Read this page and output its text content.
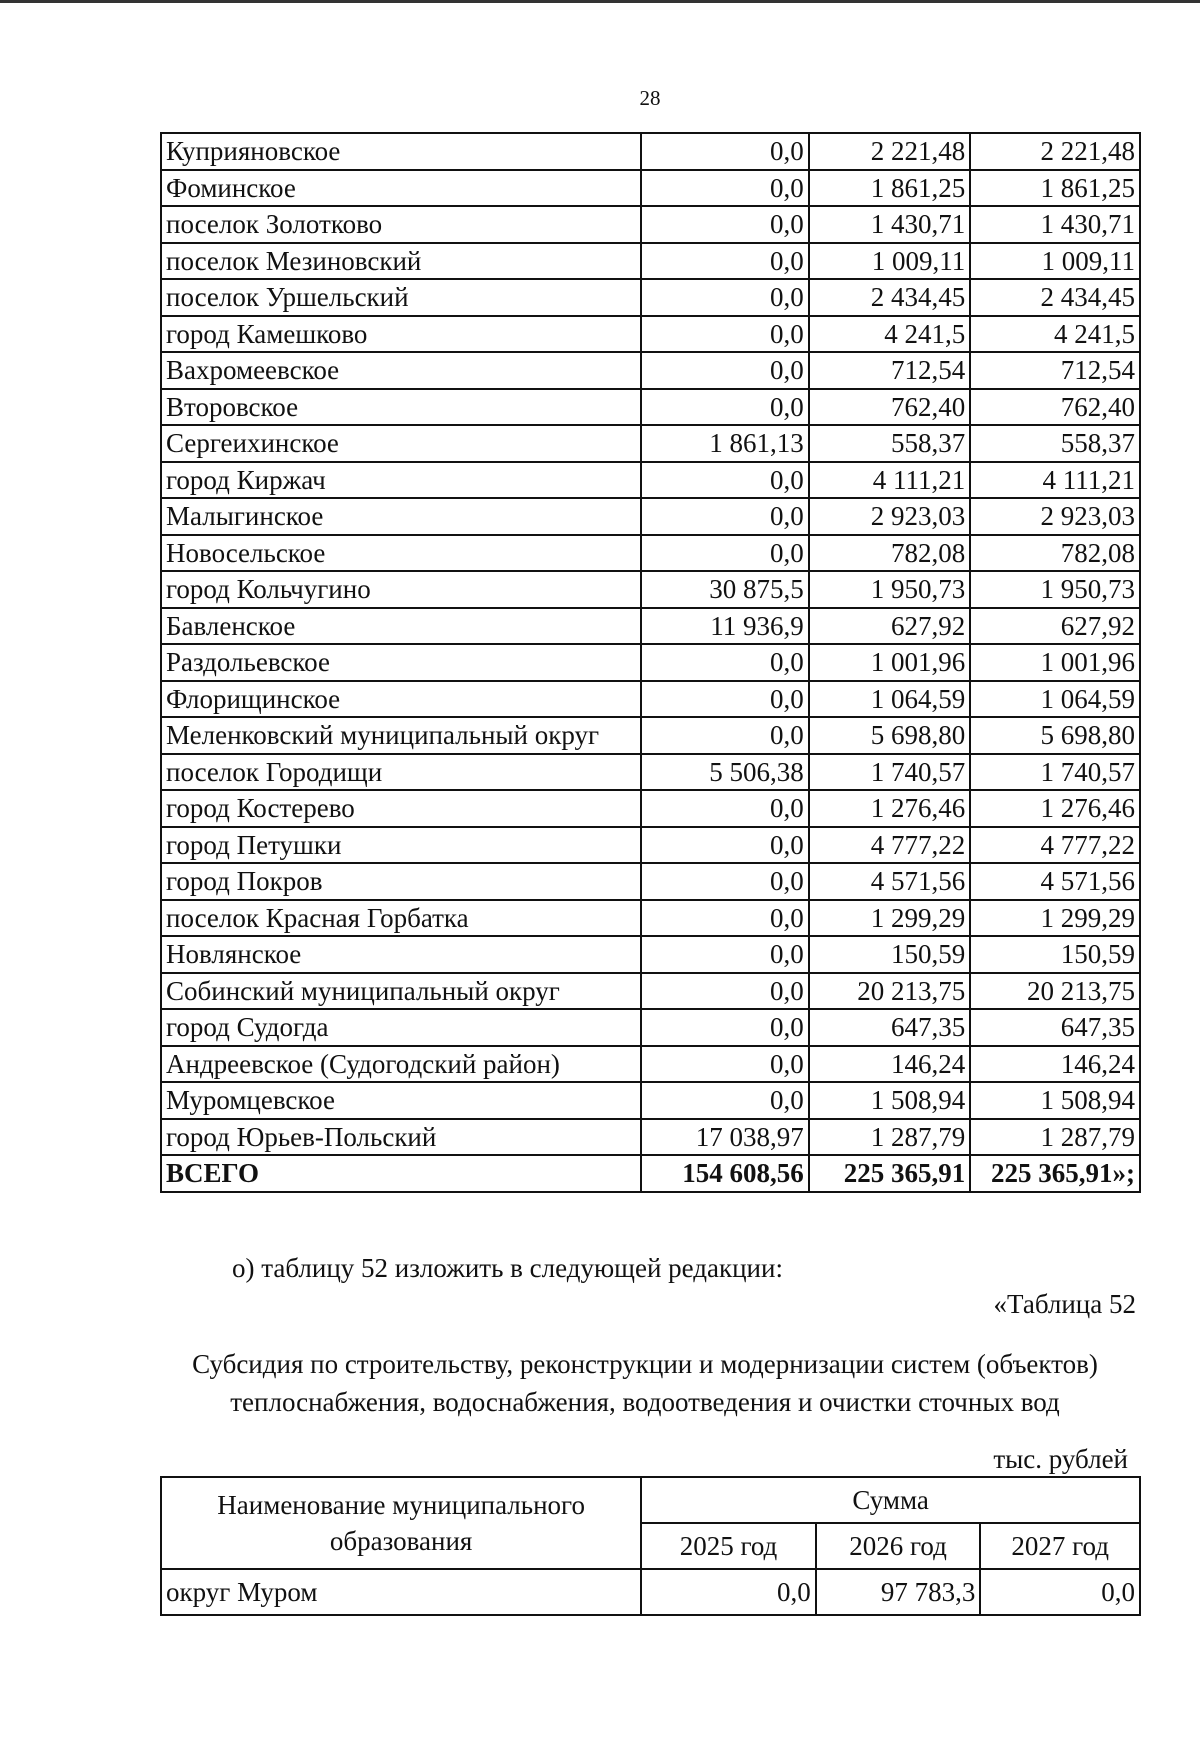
28
Куприяновское	0,0	2 221,48	2 221,48
Фоминское	0,0	1 861,25	1 861,25
поселок Золотково	0,0	1 430,71	1 430,71
поселок Мезиновский	0,0	1 009,11	1 009,11
поселок Уршельский	0,0	2 434,45	2 434,45
город Камешково	0,0	4 241,5	4 241,5
Вахромеевское	0,0	712,54	712,54
Второвское	0,0	762,40	762,40
Сергеихинское	1 861,13	558,37	558,37
город Киржач	0,0	4 111,21	4 111,21
Малыгинское	0,0	2 923,03	2 923,03
Новосельское	0,0	782,08	782,08
город Кольчугино	30 875,5	1 950,73	1 950,73
Бавленское	11 936,9	627,92	627,92
Раздольевское	0,0	1 001,96	1 001,96
Флорищинское	0,0	1 064,59	1 064,59
Меленковский муниципальный округ	0,0	5 698,80	5 698,80
поселок Городищи	5 506,38	1 740,57	1 740,57
город Костерево	0,0	1 276,46	1 276,46
город Петушки	0,0	4 777,22	4 777,22
город Покров	0,0	4 571,56	4 571,56
поселок Красная Горбатка	0,0	1 299,29	1 299,29
Новлянское	0,0	150,59	150,59
Собинский муниципальный округ	0,0	20 213,75	20 213,75
город Судогда	0,0	647,35	647,35
Андреевское (Судогодский район)	0,0	146,24	146,24
Муромцевское	0,0	1 508,94	1 508,94
город Юрьев-Польский	17 038,97	1 287,79	1 287,79
ВСЕГО	154 608,56	225 365,91	225 365,91»;
о) таблицу 52 изложить в следующей редакции:
«Таблица 52
Субсидия по строительству, реконструкции и модернизации систем (объектов)
теплоснабжения, водоснабжения, водоотведения и очистки сточных вод
тыс. рублей
Наименование муниципального
образования	Сумма		
	2025 год	2026 год	2027 год
округ Муром	0,0	97 783,3	0,0
